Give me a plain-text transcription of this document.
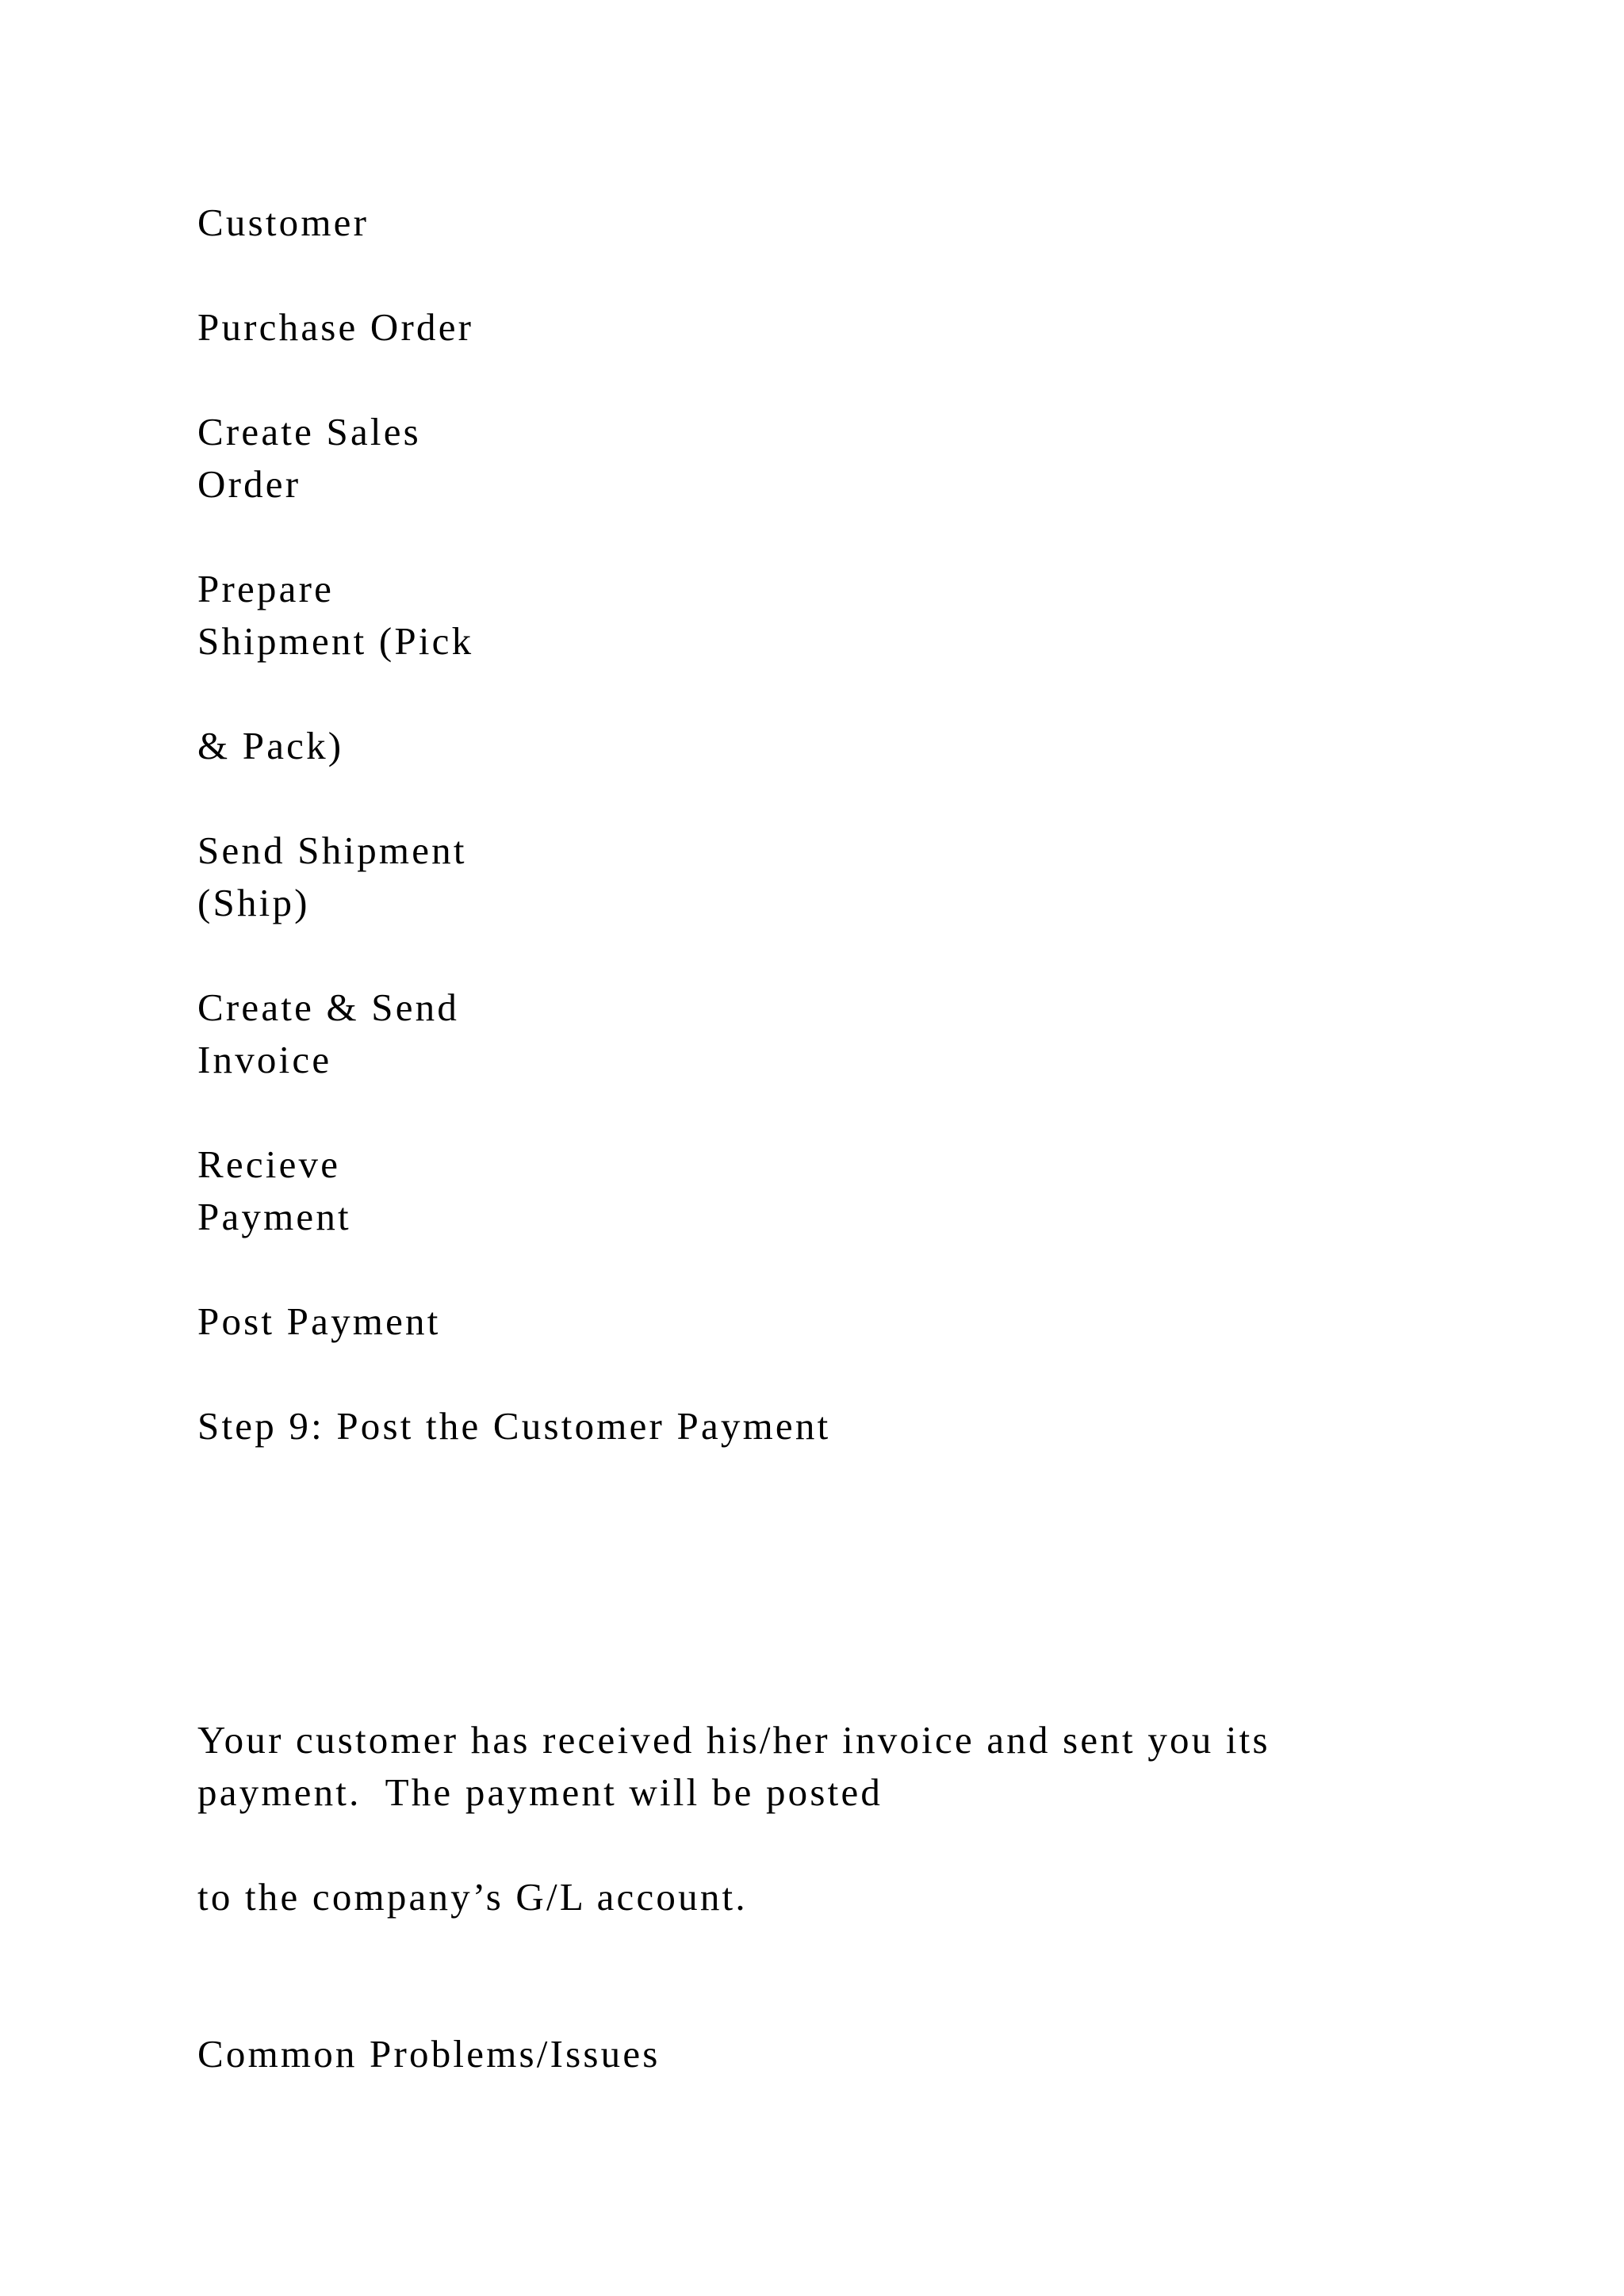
Customer
Purchase Order
Create Sales
Order
Prepare
Shipment (Pick
& Pack)
Send Shipment
(Ship)
Create & Send
Invoice
Recieve
Payment
Post Payment
Step 9: Post the Customer Payment
Your customer has received his/her invoice and sent you its
payment.  The payment will be posted
to the company’s G/L account.
Common Problems/Issues
